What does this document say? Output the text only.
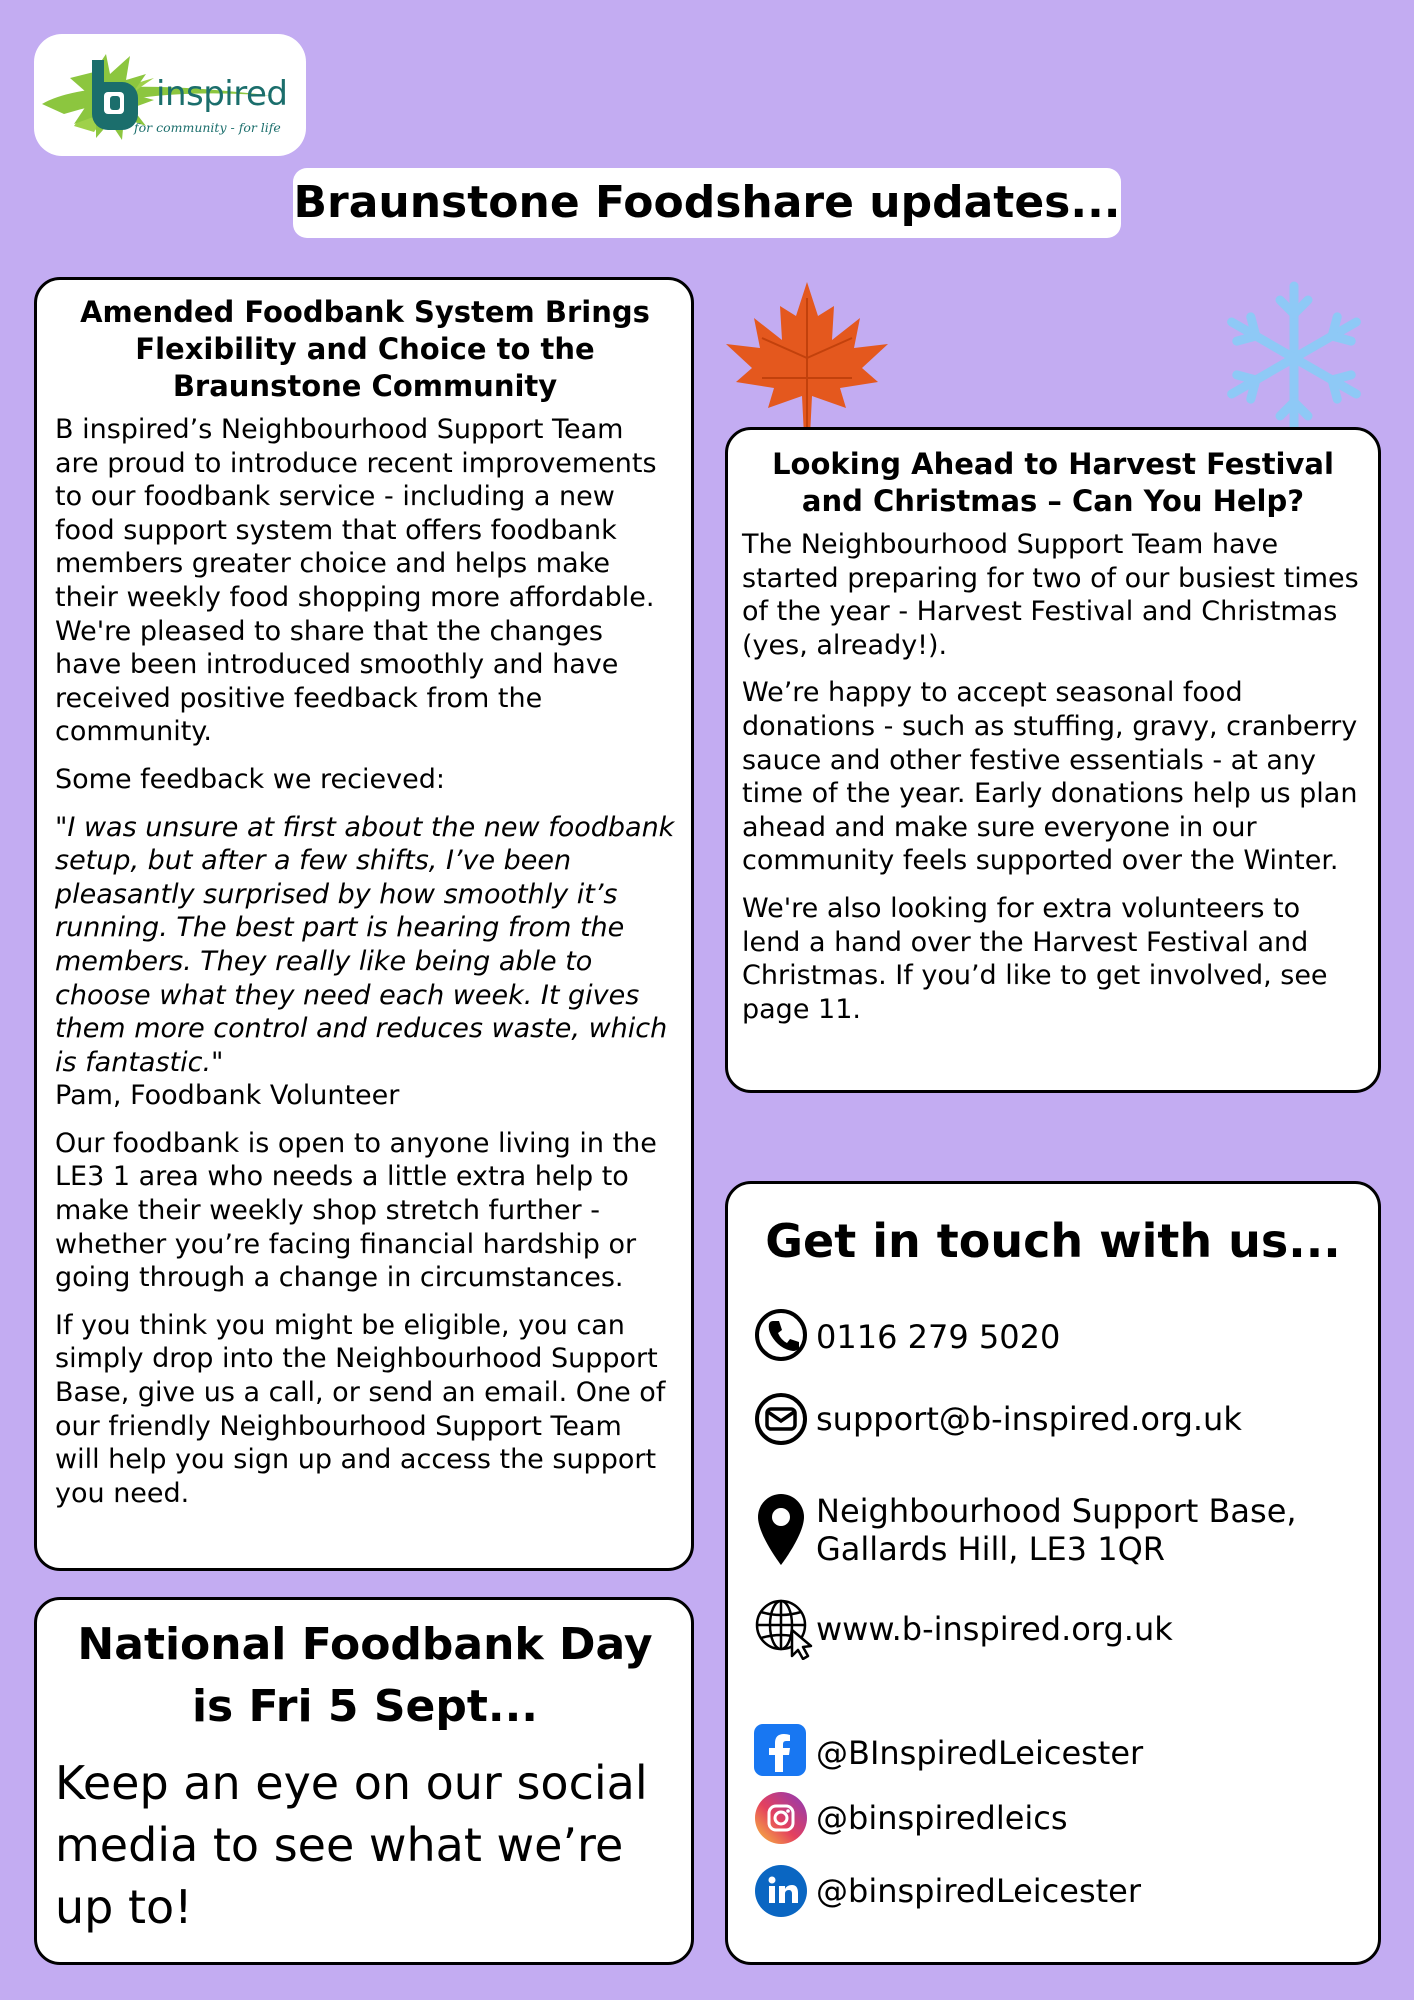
inspired
for community - for life
Braunstone Foodshare updates...
Amended Foodbank System Brings Flexibility and Choice to the Braunstone Community

B inspired’s Neighbourhood Support Team are proud to introduce recent improvements to our foodbank service - including a new food support system that offers foodbank members greater choice and helps make their weekly food shopping more affordable. We're pleased to share that the changes have been introduced smoothly and have received positive feedback from the community.

Some feedback we recieved:

"I was unsure at first about the new foodbank setup, but after a few shifts, I’ve been pleasantly surprised by how smoothly it’s running. The best part is hearing from the members. They really like being able to choose what they need each week. It gives them more control and reduces waste, which is fantastic."
Pam, Foodbank Volunteer

Our foodbank is open to anyone living in the LE3 1 area who needs a little extra help to make their weekly shop stretch further - whether you’re facing financial hardship or going through a change in circumstances.

If you think you might be eligible, you can simply drop into the Neighbourhood Support Base, give us a call, or send an email. One of our friendly Neighbourhood Support Team will help you sign up and access the support you need.

National Foodbank Day is Fri 5 Sept...

Keep an eye on our social media to see what we’re up to!

Looking Ahead to Harvest Festival and Christmas – Can You Help?

The Neighbourhood Support Team have started preparing for two of our busiest times of the year - Harvest Festival and Christmas (yes, already!).

We’re happy to accept seasonal food donations - such as stuffing, gravy, cranberry sauce and other festive essentials - at any time of the year. Early donations help us plan ahead and make sure everyone in our community feels supported over the Winter.

We're also looking for extra volunteers to lend a hand over the Harvest Festival and Christmas. If you’d like to get involved, see page 11.

Get in touch with us...
0116 279 5020
support@b-inspired.org.uk
Neighbourhood Support Base,
Gallards Hill, LE3 1QR
www.b-inspired.org.uk
@BInspiredLeicester
@binspiredleics
@binspiredLeicester
